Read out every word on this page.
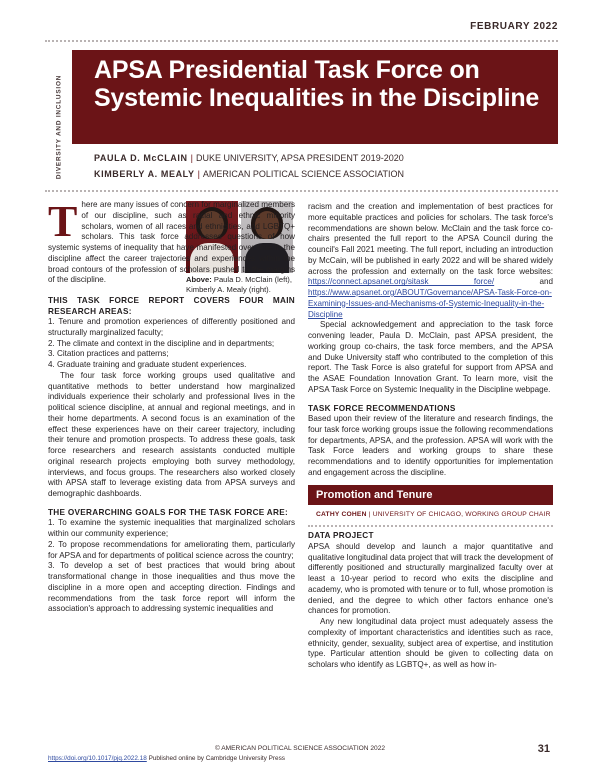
FEBRUARY 2022
DIVERSITY AND INCLUSION
APSA Presidential Task Force on Systemic Inequalities in the Discipline
PAULA D. McCLAIN | DUKE UNIVERSITY, APSA PRESIDENT 2019-2020
KIMBERLY A. MEALY | AMERICAN POLITICAL SCIENCE ASSOCIATION
Above: Paula D. McClain (left), Kimberly A. Mealy (right).

There are many issues of concern for marginalized members of our discipline, such as racial and ethnic minority scholars, women of all races and ethnicities, and LGBTQ+ scholars. This task force addresses questions of how systemic systems of inequality that have manifested over time in the discipline affect the career trajectories and experiences within the broad contours of the profession of scholars pushed to the margins of the discipline.

THIS TASK FORCE REPORT COVERS FOUR MAIN RESEARCH AREAS:

1. Tenure and promotion experiences of differently positioned and structurally marginalized faculty;

2. The climate and context in the discipline and in departments;

3. Citation practices and patterns;

4. Graduate training and graduate student experiences.

The four task force working groups used qualitative and quantitative methods to better understand how marginalized individuals experience their scholarly and professional lives in the political science discipline, at annual and regional meetings, and in their home departments. A second focus is an examination of the effect these experiences have on their career trajectory, including their tenure and promotion prospects. To address these goals, task force researchers and research assistants conducted multiple original research projects employing both survey methodology, interviews, and focus groups. The researchers also worked closely with APSA staff to leverage existing data from APSA surveys and demographic dashboards.

THE OVERARCHING GOALS FOR THE TASK FORCE ARE:

1. To examine the systemic inequalities that marginalized scholars within our community experience;

2. To propose recommendations for ameliorating them, particularly for APSA and for departments of political science across the country;

3. To develop a set of best practices that would bring about transformational change in those inequalities and thus move the discipline in a more open and accepting direction. Findings and recommendations from the task force report will inform the association's approach to addressing systemic inequalities and

racism and the creation and implementation of best practices for more equitable practices and policies for scholars. The task force's recommendations are shown below. McClain and the task force co-chairs presented the full report to the APSA Council during the council's Fall 2021 meeting. The full report, including an introduction by McCain, will be published in early 2022 and will be shared widely across the profession and externally on the task force websites: https://connect.apsanet.org/sitask force/	and https://www.apsanet.org/ABOUT/Governance/APSA-Task-Force-on-Examining-Issues-and-Mechanisms-of-Systemic-Inequality-in-the-Discipline

Special acknowledgement and appreciation to the task force convening leader, Paula D. McClain, past APSA president, the working group co-chairs, the task force members, and the APSA and Duke University staff who contributed to the completion of this report. The Task Force is also grateful for support from APSA and the ASAE Foundation Innovation Grant. To learn more, visit the APSA Task Force on Systemic Inequality in the Discipline webpage.

TASK FORCE RECOMMENDATIONS

Based upon their review of the literature and research findings, the four task force working groups issue the following recommendations for departments, APSA, and the profession. APSA will work with the Task Force leaders and working groups to share these recommendations and to identify opportunities for implementation and engagement across the discipline.

Promotion and Tenure
CATHY COHEN | UNIVERSITY OF CHICAGO, WORKING GROUP CHAIR
DATA PROJECT

APSA should develop and launch a major quantitative and qualitative longitudinal data project that will track the development of differently positioned and structurally marginalized faculty over at least a 10-year period to record who exits the discipline and academy, who is promoted with tenure or to full, whose promotion is denied, and the degree to which other factors enhance one's chances for promotion.

Any new longitudinal data project must adequately assess the complexity of important characteristics and identities such as race, ethnicity, gender, sexuality, subject area of expertise, and institution type. Particular attention should be given to collecting data on scholars who identify as LGBTQ+, as well as how in-

© AMERICAN POLITICAL SCIENCE ASSOCIATION 2022
https://doi.org/10.1017/pjq.2022.18 Published online by Cambridge University Press
31
